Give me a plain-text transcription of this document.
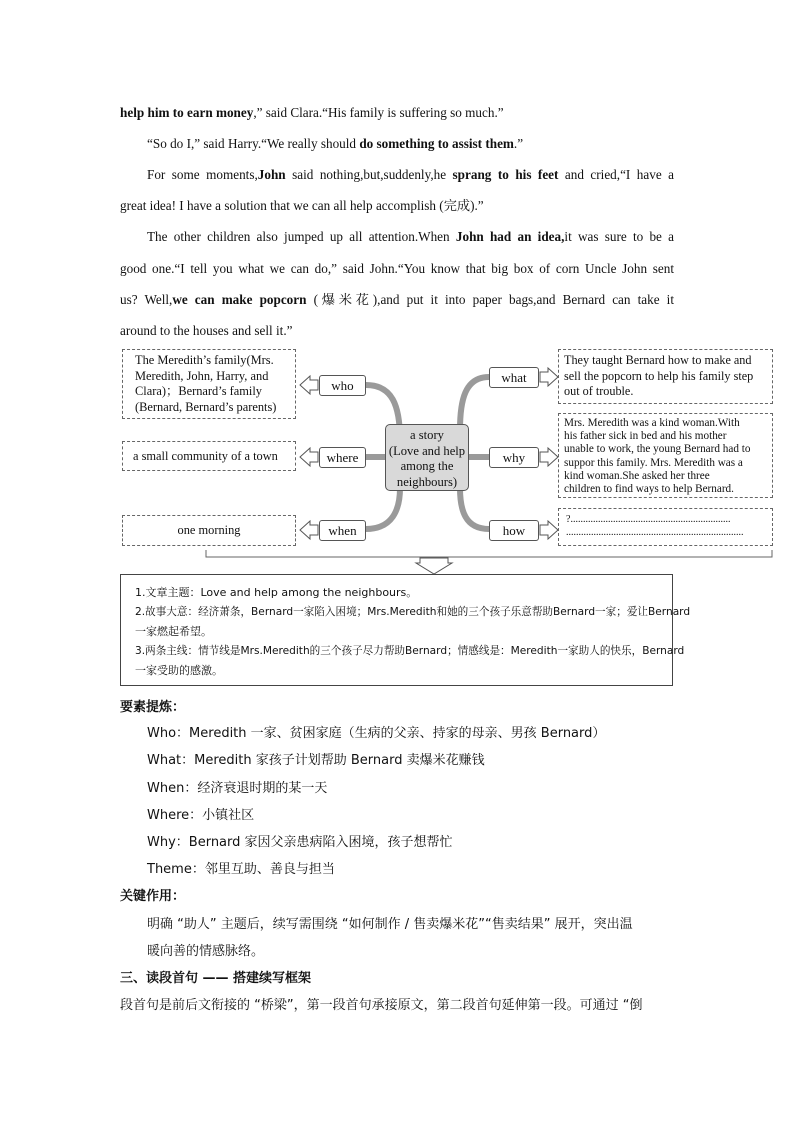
help him to earn money,” said Clara.“His family is suffering so much.”
“So do I,” said Harry.“We really should do something to assist them.”
For some moments,John said nothing,but,suddenly,he sprang to his feet and cried,“I have a
great idea! I have a solution that we can all help accomplish (完成).”
The other children also jumped up all attention.When John had an idea,it was sure to be a
good one.“I tell you what we can do,” said John.“You know that big box of corn Uncle John sent
us? Well,we can make popcorn (爆米花),and put it into paper bags,and Bernard can take it
around to the houses and sell it.”
The Meredith’s family(Mrs.
Meredith, John, Harry, and
Clara)；Bernard’s family
(Bernard, Bernard’s parents)
a small community of a town
one morning
who
where
when
what
why
how
a story
(Love and help
among the
neighbours)
They taught Bernard how to make and
sell the popcorn to help his family step
out of trouble.
Mrs. Meredith was a kind woman.With
his father sick in bed and his mother
unable to work, the young Bernard had to
suppor this family. Mrs. Meredith was a
kind woman.She asked her three
children to find ways to help Bernard.
?................................................................
.......................................................................
1.文章主题：Love and help among the neighbours。
2.故事大意：经济萧条，Bernard一家陷入困境；Mrs.Meredith和她的三个孩子乐意帮助Bernard一家；爱让Bernard
一家燃起希望。
3.两条主线：情节线是Mrs.Meredith的三个孩子尽力帮助Bernard；情感线是：Meredith一家助人的快乐，Bernard
一家受助的感激。
要素提炼：
Who：Meredith 一家、贫困家庭（生病的父亲、持家的母亲、男孩 Bernard）
What：Meredith 家孩子计划帮助 Bernard 卖爆米花赚钱
When：经济衰退时期的某一天
Where：小镇社区
Why：Bernard 家因父亲患病陷入困境，孩子想帮忙
Theme：邻里互助、善良与担当
关键作用：
明确 “助人” 主题后，续写需围绕 “如何制作 / 售卖爆米花”“售卖结果” 展开，突出温
暖向善的情感脉络。
三、读段首句 —— 搭建续写框架
段首句是前后文衔接的 “桥梁”，第一段首句承接原文，第二段首句延伸第一段。可通过 “倒
